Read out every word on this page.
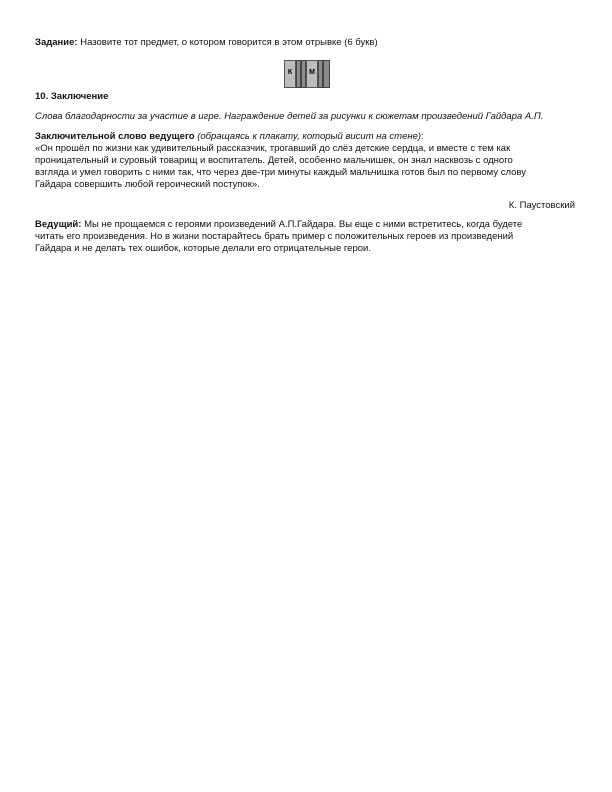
Задание: Назовите тот предмет, о котором говорится в этом отрывке (6 букв)
К	М
10. Заключение
Слова благодарности за участие в игре. Награждение детей за рисунки к сюжетам произведений Гайдара А.П.
Заключительной слово ведущего (обращаясь к плакату, который висит на стене):
«Он прошёл по жизни как удивительный рассказчик, трогавший до слёз детские сердца, и вместе с тем как
проницательный и суровый товарищ и воспитатель. Детей, особенно мальчишек, он знал насквозь с одного
взгляда и умел говорить с ними так, что через две-три минуты каждый мальчишка готов был по первому слову
Гайдара совершить любой героический поступок».
К. Паустовский
Ведущий: Мы не прощаемся с героями произведений А.П.Гайдара. Вы еще с ними встретитесь, когда будете
читать его произведения. Но в жизни постарайтесь брать пример с положительных героев из произведений
Гайдара и не делать тех ошибок, которые делали его отрицательные герои.
